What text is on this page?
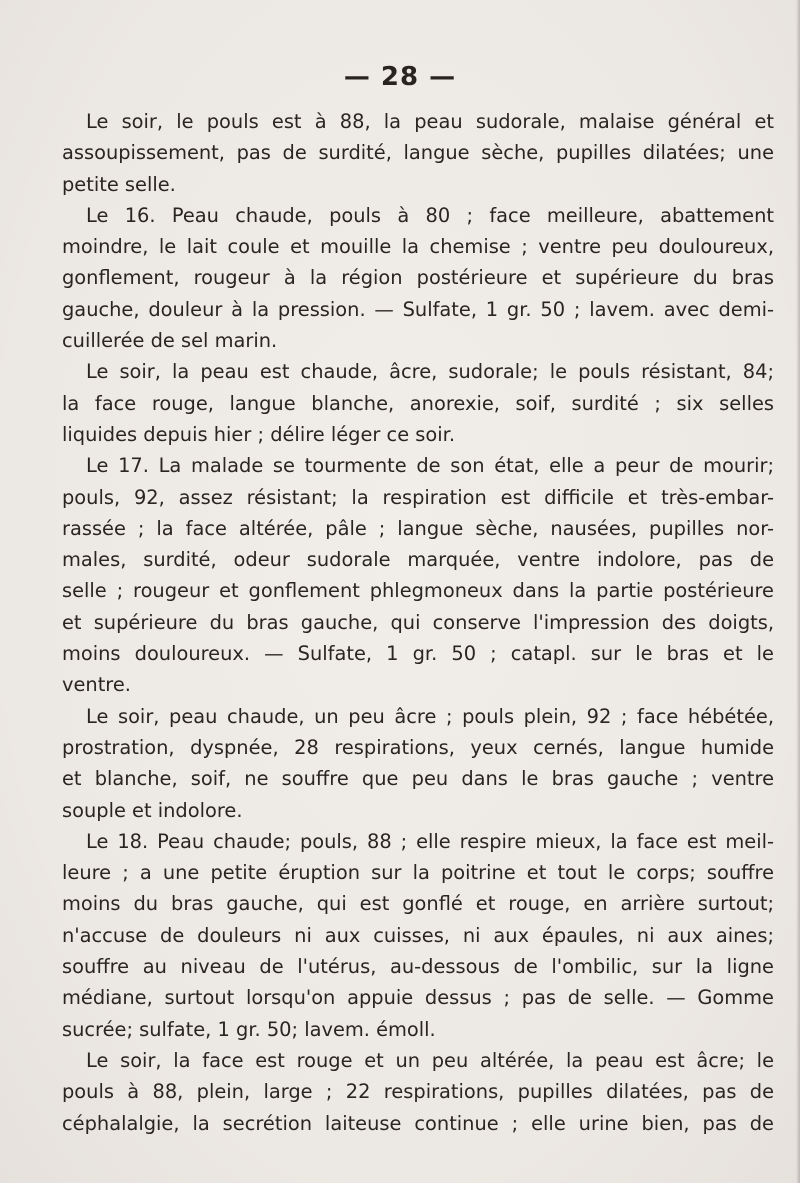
— 28 —
Le soir, le pouls est à 88, la peau sudorale, malaise général et
assoupissement, pas de surdité, langue sèche, pupilles dilatées; une
petite selle.
Le 16. Peau chaude, pouls à 80 ; face meilleure, abattement
moindre, le lait coule et mouille la chemise ; ventre peu douloureux,
gonflement, rougeur à la région postérieure et supérieure du bras
gauche, douleur à la pression. — Sulfate, 1 gr. 50 ; lavem. avec demi-
cuillerée de sel marin.
Le soir, la peau est chaude, âcre, sudorale; le pouls résistant, 84;
la face rouge, langue blanche, anorexie, soif, surdité ; six selles
liquides depuis hier ; délire léger ce soir.
Le 17. La malade se tourmente de son état, elle a peur de mourir;
pouls, 92, assez résistant; la respiration est difficile et très-embar-
rassée ; la face altérée, pâle ; langue sèche, nausées, pupilles nor-
males, surdité, odeur sudorale marquée, ventre indolore, pas de
selle ; rougeur et gonflement phlegmoneux dans la partie postérieure
et supérieure du bras gauche, qui conserve l'impression des doigts,
moins douloureux. — Sulfate, 1 gr. 50 ; catapl. sur le bras et le
ventre.
Le soir, peau chaude, un peu âcre ; pouls plein, 92 ; face hébétée,
prostration, dyspnée, 28 respirations, yeux cernés, langue humide
et blanche, soif, ne souffre que peu dans le bras gauche ; ventre
souple et indolore.
Le 18. Peau chaude; pouls, 88 ; elle respire mieux, la face est meil-
leure ; a une petite éruption sur la poitrine et tout le corps; souffre
moins du bras gauche, qui est gonflé et rouge, en arrière surtout;
n'accuse de douleurs ni aux cuisses, ni aux épaules, ni aux aines;
souffre au niveau de l'utérus, au-dessous de l'ombilic, sur la ligne
médiane, surtout lorsqu'on appuie dessus ; pas de selle. — Gomme
sucrée; sulfate, 1 gr. 50; lavem. émoll.
Le soir, la face est rouge et un peu altérée, la peau est âcre; le
pouls à 88, plein, large ; 22 respirations, pupilles dilatées, pas de
céphalalgie, la secrétion laiteuse continue ; elle urine bien, pas de
